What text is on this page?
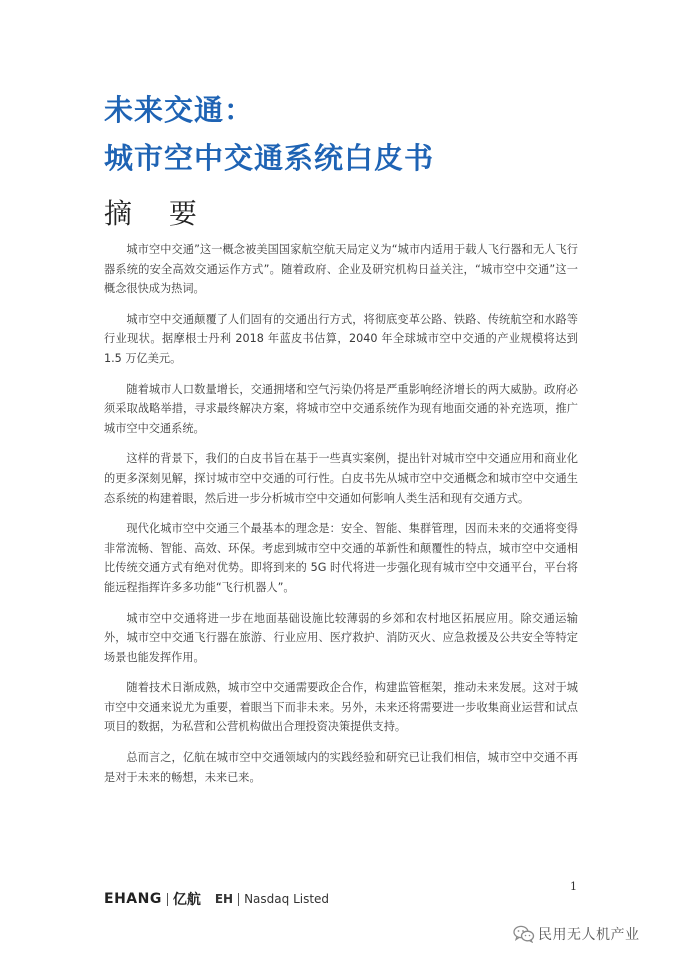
未来交通：
城市空中交通系统白皮书
摘 要

城市空中交通”这一概念被美国国家航空航天局定义为“城市内适用于载人飞行器和无人飞行器系统的安全高效交通运作方式”。随着政府、企业及研究机构日益关注，“城市空中交通”这一概念很快成为热词。

城市空中交通颠覆了人们固有的交通出行方式，将彻底变革公路、铁路、传统航空和水路等行业现状。据摩根士丹利 2018 年蓝皮书估算，2040 年全球城市空中交通的产业规模将达到 1.5 万亿美元。

随着城市人口数量增长，交通拥堵和空气污染仍将是严重影响经济增长的两大威胁。政府必须采取战略举措，寻求最终解决方案，将城市空中交通系统作为现有地面交通的补充选项，推广城市空中交通系统。

这样的背景下，我们的白皮书旨在基于一些真实案例，提出针对城市空中交通应用和商业化的更多深刻见解，探讨城市空中交通的可行性。白皮书先从城市空中交通概念和城市空中交通生态系统的构建着眼，然后进一步分析城市空中交通如何影响人类生活和现有交通方式。

现代化城市空中交通三个最基本的理念是：安全、智能、集群管理，因而未来的交通将变得非常流畅、智能、高效、环保。考虑到城市空中交通的革新性和颠覆性的特点，城市空中交通相比传统交通方式有绝对优势。即将到来的 5G 时代将进一步强化现有城市空中交通平台，平台将能远程指挥许多多功能“飞行机器人”。

城市空中交通将进一步在地面基础设施比较薄弱的乡郊和农村地区拓展应用。除交通运输外，城市空中交通飞行器在旅游、行业应用、医疗救护、消防灭火、应急救援及公共安全等特定场景也能发挥作用。

随着技术日渐成熟，城市空中交通需要政企合作，构建监管框架，推动未来发展。这对于城市空中交通来说尤为重要，着眼当下而非未来。另外，未来还将需要进一步收集商业运营和试点项目的数据，为私营和公营机构做出合理投资决策提供支持。

总而言之，亿航在城市空中交通领域内的实践经验和研究已让我们相信，城市空中交通不再是对于未来的畅想，未来已来。

1
EHANG 亿航 EH Nasdaq Listed
民用无人机产业
